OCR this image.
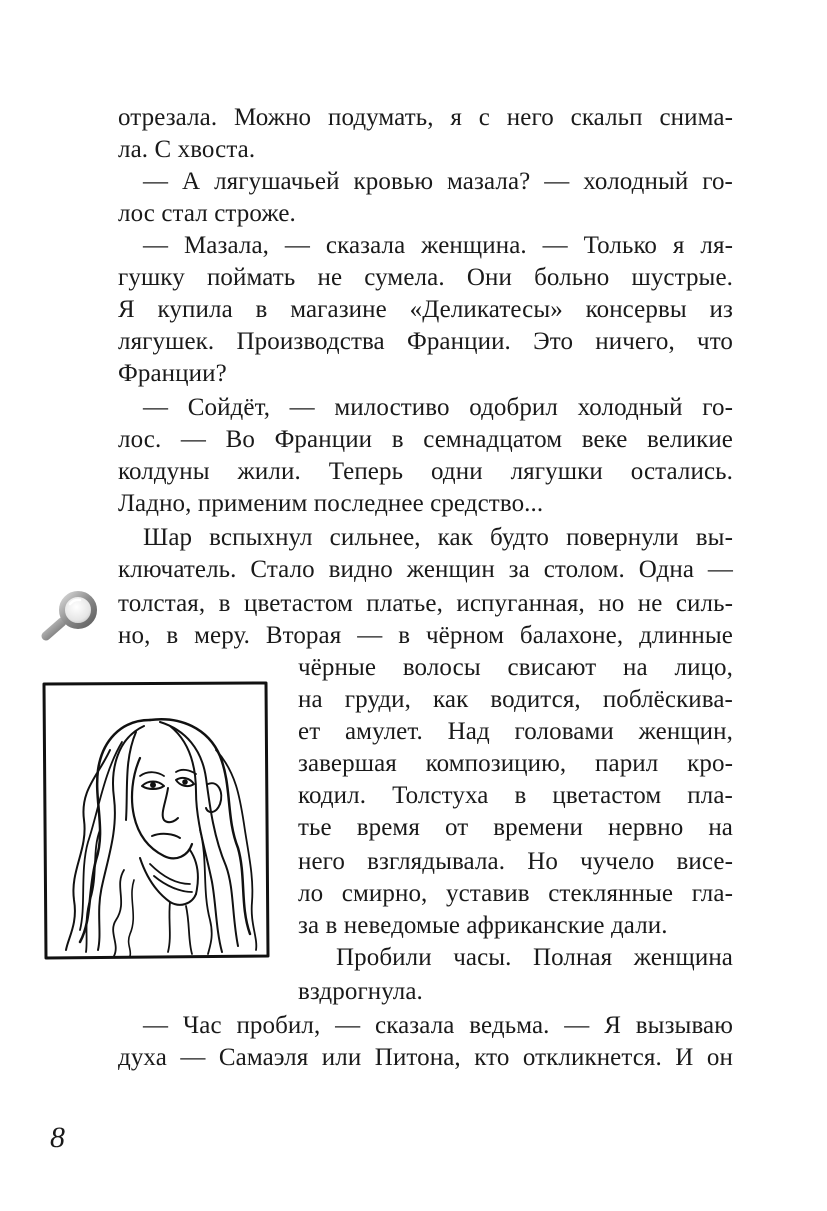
отрезала. Можно подумать, я с него скальп снима-
ла. С хвоста.
— А лягушачьей кровью мазала? — холодный го-
лос стал строже.
— Мазала, — сказала женщина. — Только я ля-
гушку поймать не сумела. Они больно шустрые.
Я купила в магазине «Деликатесы» консервы из
лягушек. Производства Франции. Это ничего, что
Франции?
— Сойдёт, — милостиво одобрил холодный го-
лос. — Во Франции в семнадцатом веке великие
колдуны жили. Теперь одни лягушки остались.
Ладно, применим последнее средство...
Шар вспыхнул сильнее, как будто повернули вы-
ключатель. Стало видно женщин за столом. Одна —
толстая, в цветастом платье, испуганная, но не силь-
но, в меру. Вторая — в чёрном балахоне, длинные
чёрные волосы свисают на лицо,
на груди, как водится, поблёскива-
ет амулет. Над головами женщин,
завершая композицию, парил кро-
кодил. Толстуха в цветастом пла-
тье время от времени нервно на
него взглядывала. Но чучело висе-
ло смирно, уставив стеклянные гла-
за в неведомые африканские дали.
Пробили часы. Полная женщина
вздрогнула.
— Час пробил, — сказала ведьма. — Я вызываю
духа — Самаэля или Питона, кто откликнется. И он
8
